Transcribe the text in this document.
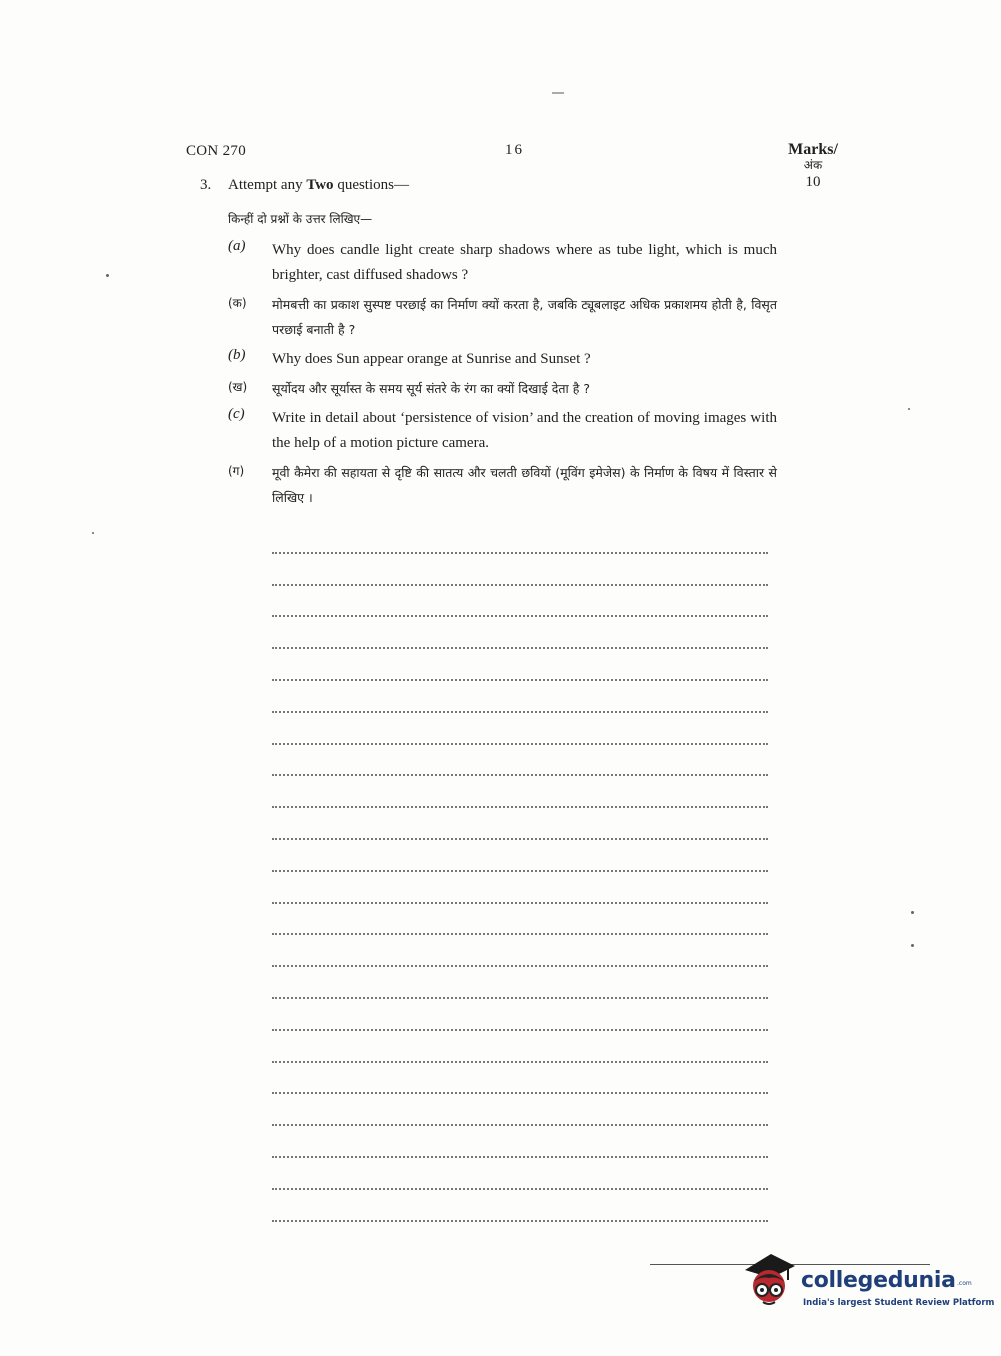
CON 270	16	Marks/
अंक
10
3. Attempt any Two questions—
किन्हीं दो प्रश्नों के उत्तर लिखिए—
(a) Why does candle light create sharp shadows where as tube light, which is much brighter, cast diffused shadows ?
(क) मोमबत्ती का प्रकाश सुस्पष्ट परछाई का निर्माण क्यों करता है, जबकि ट्यूबलाइट अधिक प्रकाशमय होती है, विसृत परछाई बनाती है ?
(b) Why does Sun appear orange at Sunrise and Sunset ?
(ख) सूर्योदय और सूर्यास्त के समय सूर्य संतरे के रंग का क्यों दिखाई देता है ?
(c) Write in detail about ‘persistence of vision’ and the creation of moving images with the help of a motion picture camera.
(ग) मूवी कैमेरा की सहायता से दृष्टि की सातत्य और चलती छवियों (मूविंग इमेजेस) के निर्माण के विषय में विस्तार से लिखिए ।
collegedunia .com
India's largest Student Review Platform
